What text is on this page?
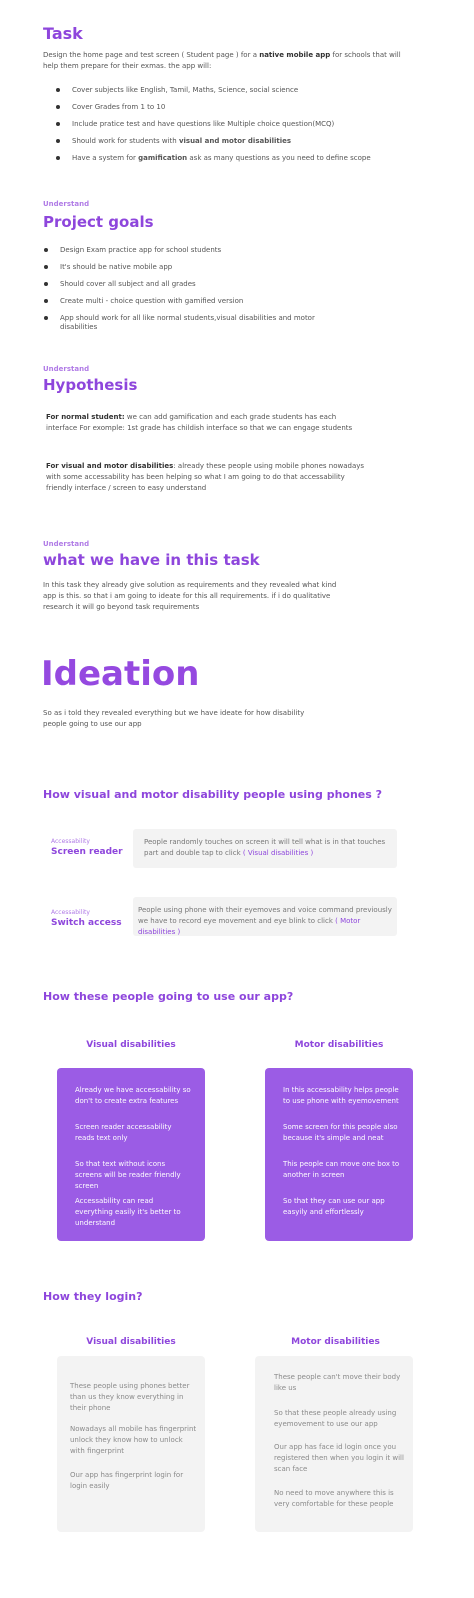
Task

Design the home page and test screen ( Student page ) for a native mobile app for schools that will help them prepare for their exmas. the app will:

Cover subjects like English, Tamil, Maths, Science, social science
Cover Grades from 1 to 10
Include pratice test and have questions like Multiple choice question(MCQ)
Should work for students with visual and motor disabilities
Have a system for gamification ask as many questions as you need to define scope
Understand
Project goals
Design Exam practice app for school students
It's should be native mobile app
Should cover all subject and all grades
Create multi - choice question with gamified version
App should work for all like normal students,visual disabilities and motor disabilities
Understand
Hypothesis

For normal student: we can add gamification and each grade students has each interface For exomple: 1st grade has childish interface so that we can engage students

For visual and motor disabilities: already these people using mobile phones nowadays with some accessability has been helping so what I am going to do that accessability friendly interface / screen to easy understand

Understand
what we have in this task

In this task they already give solution as requirements and they revealed what kind app is this. so that i am going to ideate for this all requirements. if i do qualitative research it will go beyond task requirements

Ideation

So as i told they revealed everything but we have ideate for how disability people going to use our app

How visual and motor disability people using phones ?
Accessability
Screen reader

People randomly touches on screen it will tell what is in that touches part and double tap to click ( Visual disabilities )

Accessability
Switch access

People using phone with their eyemoves and voice command previously we have to record eye movement and eye blink to click ( Motor disabilities )

How these people going to use our app?
Visual disabilities

Already we have accessability so don't to create extra features

Screen reader accessability reads text only

So that text without icons screens will be reader friendly screen

Accessability can read everything easily it's better to understand

Motor disabilities

In this accessability helps people to use phone with eyemovement

Some screen for this people also because it's simple and neat

This people can move one box to another in screen

So that they can use our app easyily and effortlessly

How they login?
Visual disabilities

These people using phones better than us they know everything in their phone

Nowadays all mobile has fingerprint unlock they know how to unlock with fingerprint

Our app has fingerprint login for login easily

Motor disabilities

These people can't move their body like us

So that these people already using eyemovement to use our app

Our app has face id login once you registered then when you login it will scan face

No need to move anywhere this is very comfortable for these people
